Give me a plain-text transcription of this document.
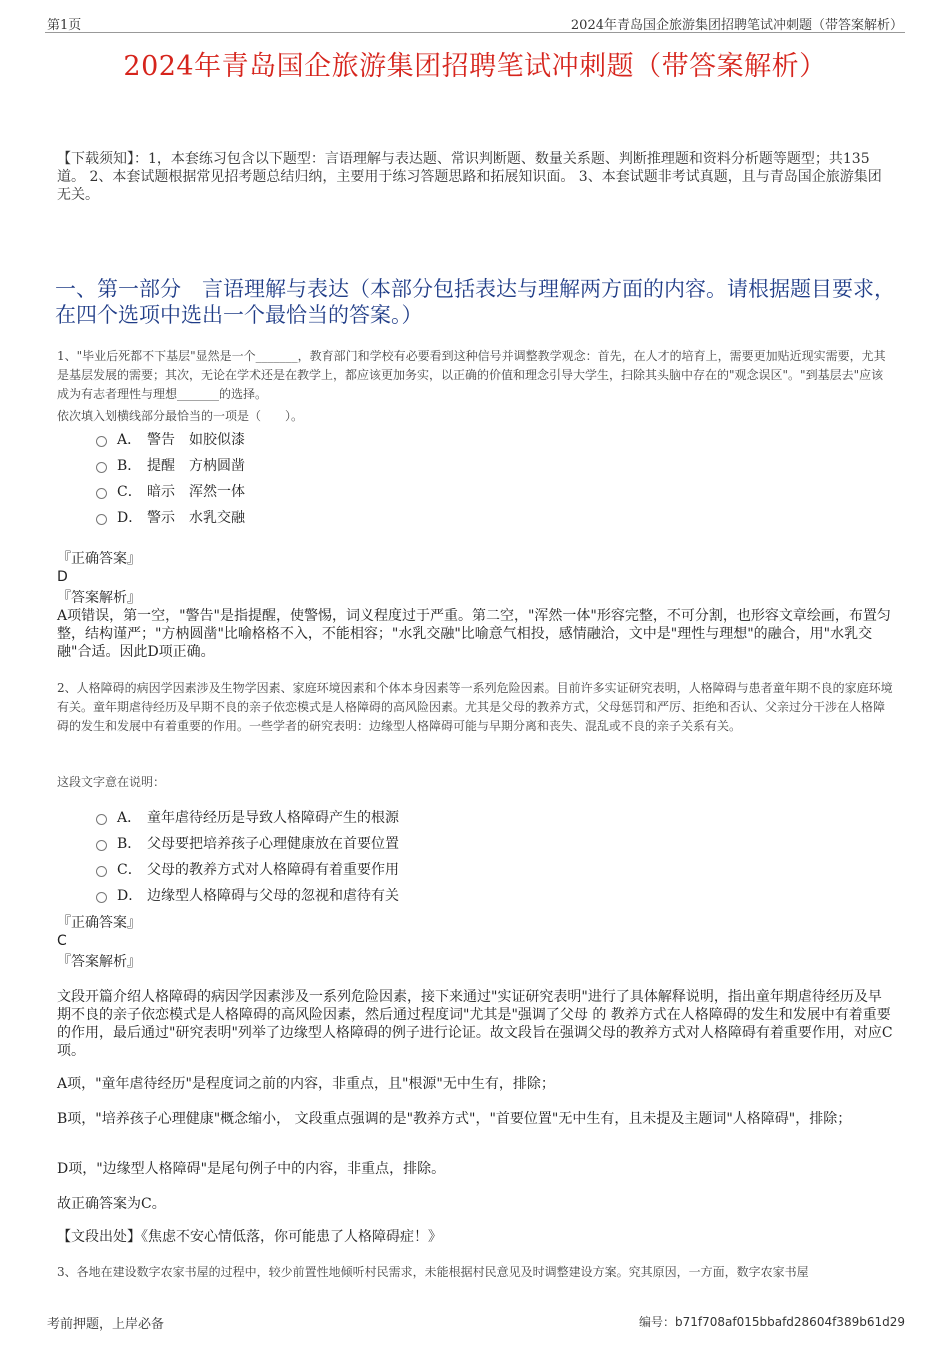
第1页	2024年青岛国企旅游集团招聘笔试冲刺题（带答案解析）
2024年青岛国企旅游集团招聘笔试冲刺题（带答案解析）
【下载须知】：1，本套练习包含以下题型：言语理解与表达题、常识判断题、数量关系题、判断推理题和资料分析题等题型；共135道。 2、本套试题根据常见招考题总结归纳，主要用于练习答题思路和拓展知识面。 3、本套试题非考试真题，且与青岛国企旅游集团无关。
一、第一部分　言语理解与表达（本部分包括表达与理解两方面的内容。请根据题目要求，在四个选项中选出一个最恰当的答案。）
1、"毕业后死都不下基层"显然是一个_______，教育部门和学校有必要看到这种信号并调整教学观念：首先，在人才的培育上，需要更加贴近现实需要，尤其是基层发展的需要；其次，无论在学术还是在教学上，都应该更加务实，以正确的价值和理念引导大学生，扫除其头脑中存在的"观念误区"。"到基层去"应该成为有志者理性与理想_______的选择。
依次填入划横线部分最恰当的一项是（　　）。
A． 警告　如胶似漆
B． 提醒　方枘圆凿
C． 暗示　浑然一体
D． 警示　水乳交融
『正确答案』
D
『答案解析』
A项错误，第一空，"警告"是指提醒，使警惕，词义程度过于严重。第二空，"浑然一体"形容完整，不可分割，也形容文章绘画，布置匀整，结构谨严；"方枘圆凿"比喻格格不入，不能相容；"水乳交融"比喻意气相投，感情融洽，文中是"理性与理想"的融合，用"水乳交融"合适。因此D项正确。
2、人格障碍的病因学因素涉及生物学因素、家庭环境因素和个体本身因素等一系列危险因素。目前许多实证研究表明，人格障碍与患者童年期不良的家庭环境有关。童年期虐待经历及早期不良的亲子依恋模式是人格障碍的高风险因素。尤其是父母的教养方式，父母惩罚和严厉、拒绝和否认、父亲过分干涉在人格障碍的发生和发展中有着重要的作用。一些学者的研究表明：边缘型人格障碍可能与早期分离和丧失、混乱或不良的亲子关系有关。
这段文字意在说明：
A． 童年虐待经历是导致人格障碍产生的根源
B． 父母要把培养孩子心理健康放在首要位置
C． 父母的教养方式对人格障碍有着重要作用
D． 边缘型人格障碍与父母的忽视和虐待有关
『正确答案』
C
『答案解析』
文段开篇介绍人格障碍的病因学因素涉及一系列危险因素，接下来通过"实证研究表明"进行了具体解释说明，指出童年期虐待经历及早期不良的亲子依恋模式是人格障碍的高风险因素，然后通过程度词"尤其是"强调了父母 的 教养方式在人格障碍的发生和发展中有着重要的作用，最后通过"研究表明"列举了边缘型人格障碍的例子进行论证。故文段旨在强调父母的教养方式对人格障碍有着重要作用，对应C项。
A项，"童年虐待经历"是程度词之前的内容，非重点，且"根源"无中生有，排除；
B项，"培养孩子心理健康"概念缩小， 文段重点强调的是"教养方式"，"首要位置"无中生有，且未提及主题词"人格障碍"，排除；
D项，"边缘型人格障碍"是尾句例子中的内容，非重点，排除。
故正确答案为C。
【文段出处】《焦虑不安心情低落，你可能患了人格障碍症！》
3、各地在建设数字农家书屋的过程中，较少前置性地倾听村民需求，未能根据村民意见及时调整建设方案。究其原因，一方面，数字农家书屋
考前押题，上岸必备	编号：b71f708af015bbafd28604f389b61d29
